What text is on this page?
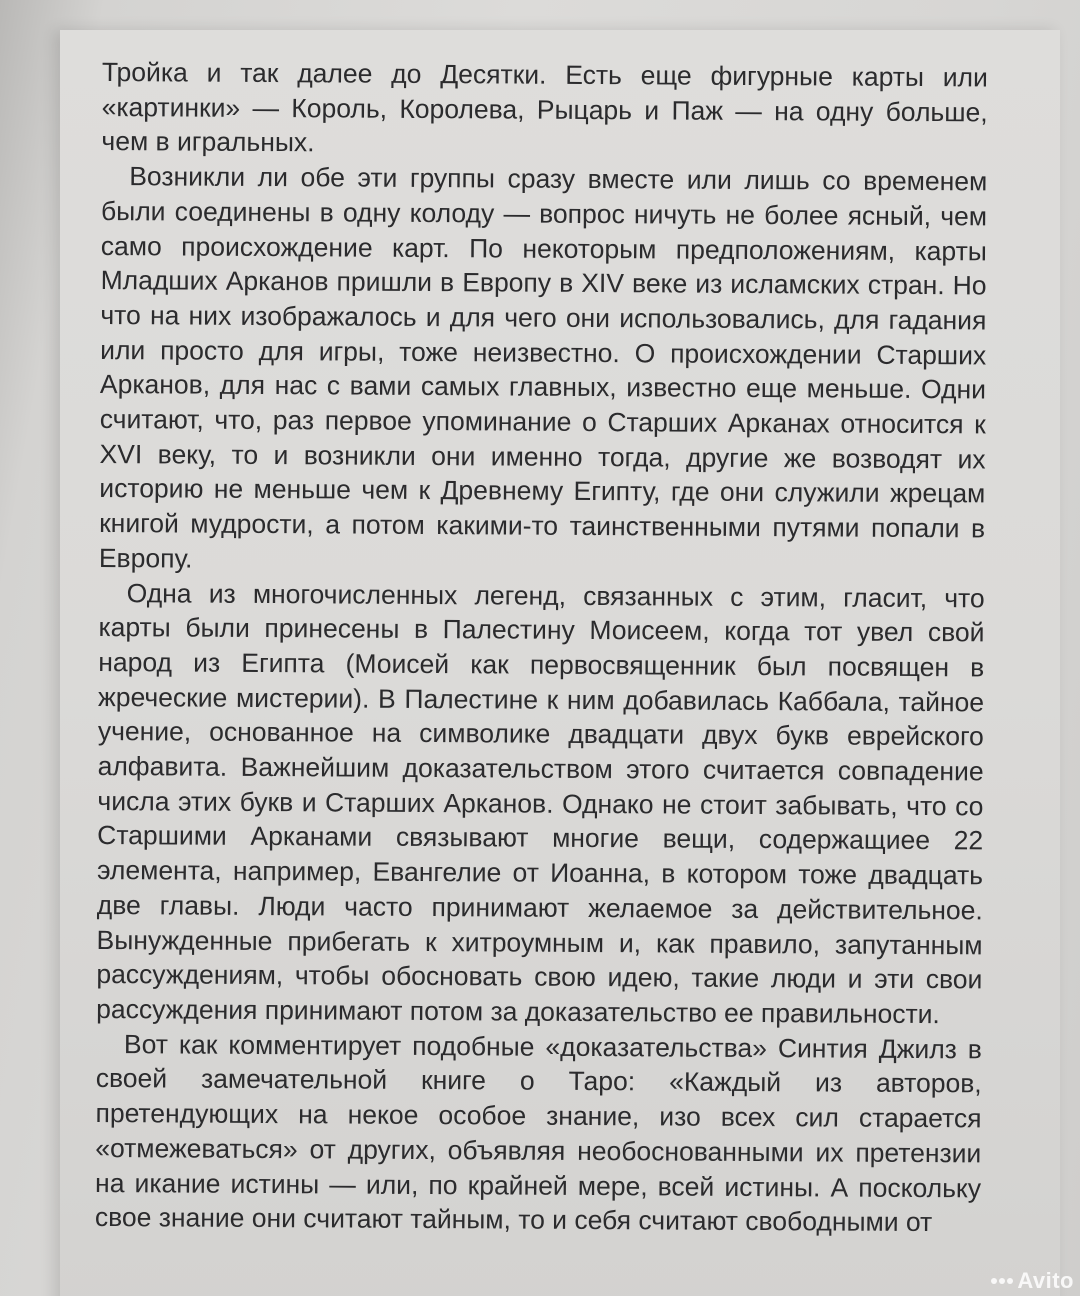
Тройка и так далее до Десятки. Есть еще фигурные карты или «картинки» — Король, Королева, Рыцарь и Паж — на одну больше, чем в игральных.

Возникли ли обе эти группы сразу вместе или лишь со временем были соединены в одну колоду — вопрос ничуть не более ясный, чем само происхождение карт. По некоторым предположениям, карты Младших Арканов пришли в Европу в XIV веке из исламских стран. Но что на них изображалось и для чего они использовались, для гадания или просто для игры, тоже неизвестно. О происхождении Старших Арканов, для нас с вами самых главных, известно еще меньше. Одни считают, что, раз первое упоминание о Старших Арканах относится к XVI веку, то и возникли они именно тогда, другие же возводят их историю не меньше чем к Древнему Египту, где они служили жрецам книгой мудрости, а потом какими-то таинственными путями попали в Европу.

Одна из многочисленных легенд, связанных с этим, гласит, что карты были принесены в Палестину Моисеем, когда тот увел свой народ из Египта (Моисей как первосвященник был посвящен в жреческие мистерии). В Палестине к ним добавилась Каббала, тайное учение, основанное на символике двадцати двух букв еврейского алфавита. Важнейшим доказательством этого считается совпадение числа этих букв и Старших Арканов. Однако не стоит забывать, что со Старшими Арканами связывают многие вещи, содержащиее 22 элемента, например, Евангелие от Иоанна, в котором тоже двадцать две главы. Люди часто принимают желаемое за действительное. Вынужденные прибегать к хитроумным и, как правило, запутанным рассуждениям, чтобы обосновать свою идею, такие люди и эти свои рассуждения принимают потом за доказательство ее правильности.

Вот как комментирует подобные «доказательства» Синтия Джилз в своей замечательной книге о Таро: «Каждый из авторов, претендующих на некое особое знание, изо всех сил старается «отмежеваться» от других, объявляя необоснованными их претензии на икание истины — или, по крайней мере, всей истины. А поскольку свое знание они считают тайным, то и себя считают свободными от

Avito
